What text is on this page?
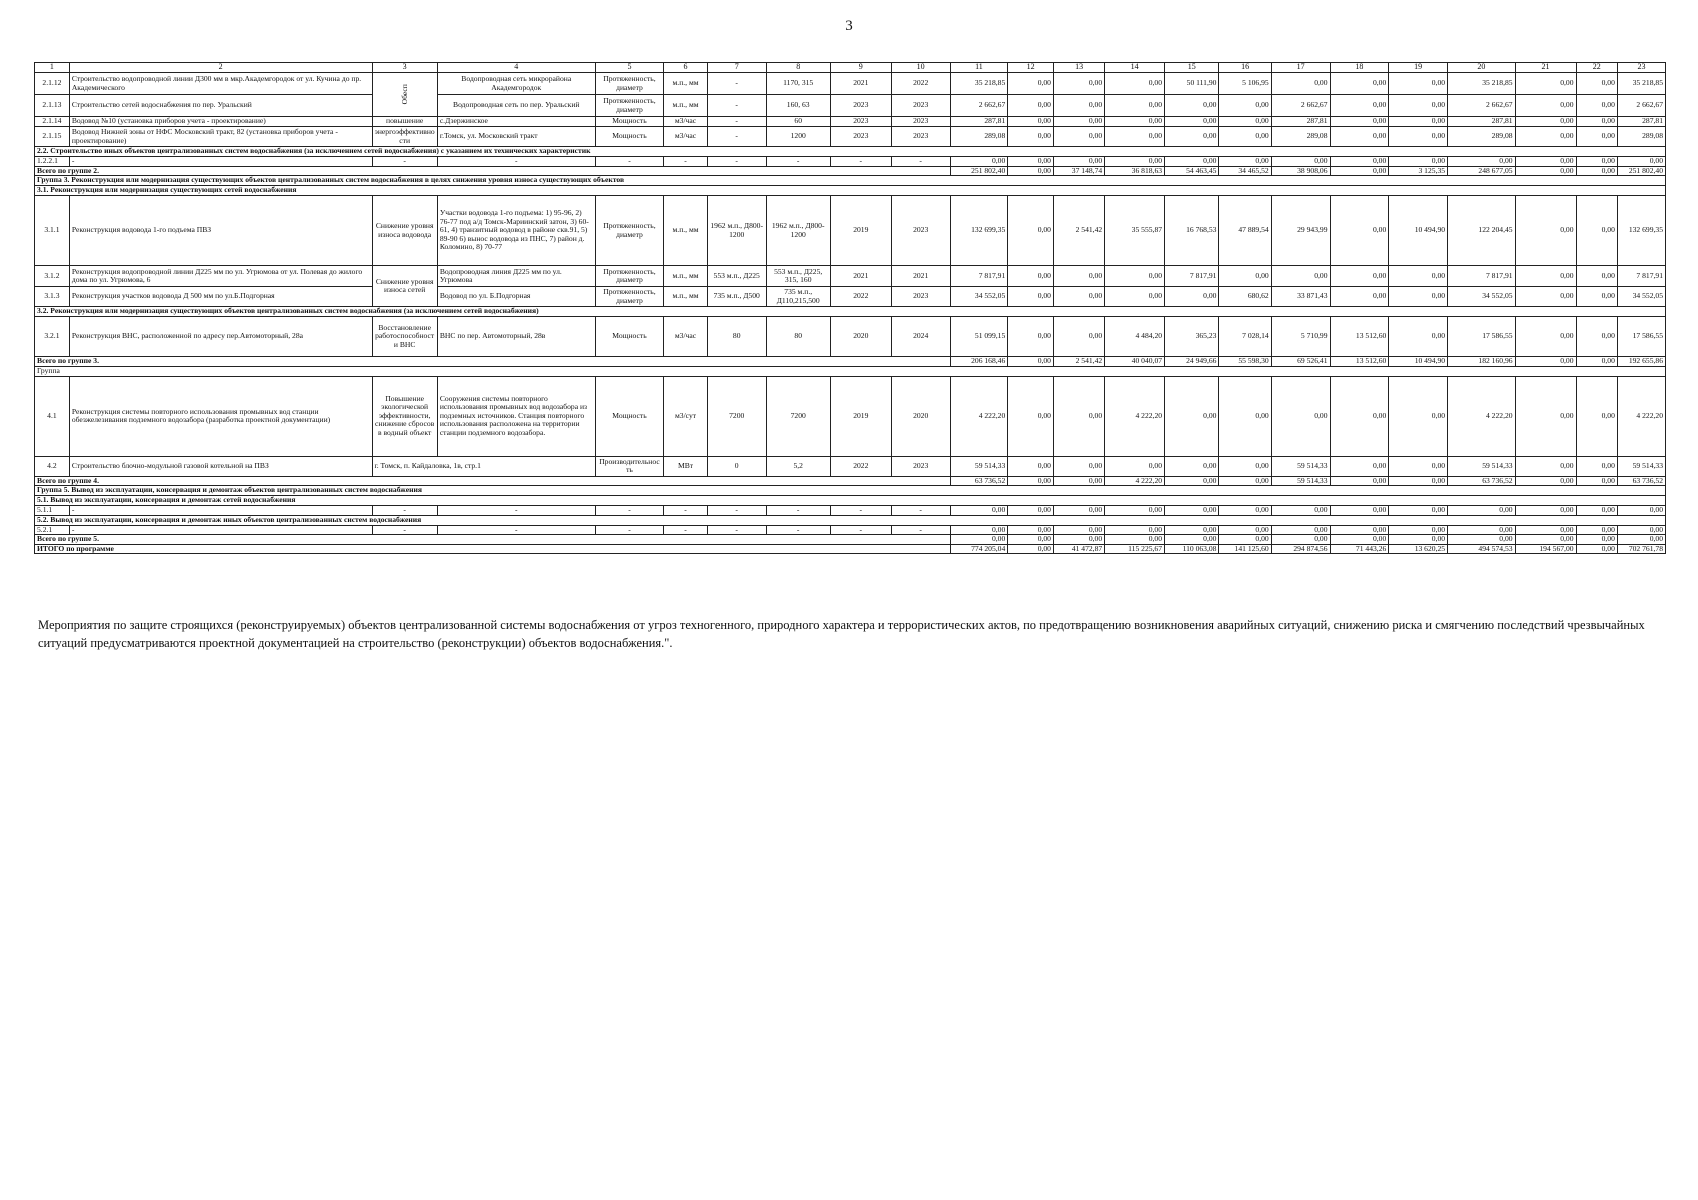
3
1	2	3	4	5	6	7	8	9	10	11	12	13	14	15	16	17	18	19	20	21	22	23
2.1.12	Строительство водопроводной линии Д300 мм в мкр.Академгородок от ул. Кучина до пр. Академического	Обесп	Водопроводная сеть микрорайона Академгородок	Протяженность, диаметр	м.п., мм	-	1170, 315	2021	2022	35 218,85	0,00	0,00	0,00	50 111,90	5 106,95	0,00	0,00	0,00	35 218,85	0,00	0,00	35 218,85
2.1.13	Строительство сетей водоснабжения по пер. Уральский		Водопроводная сеть по пер. Уральский	Протяженность, диаметр	м.п., мм	-	160, 63	2023	2023	2 662,67	0,00	0,00	0,00	0,00	0,00	2 662,67	0,00	0,00	2 662,67	0,00	0,00	2 662,67
2.1.14	Водовод №10 (установка приборов учета - проектирование)	повышение	с.Дзержинское	Мощность	м3/час	-	60	2023	2023	287,81	0,00	0,00	0,00	0,00	0,00	287,81	0,00	0,00	287,81	0,00	0,00	287,81
2.1.15	Водовод Нижней зоны от НФС Московский тракт, 82 (установка приборов учета - проектирование)	энергоэффективности	г.Томск, ул. Московский тракт	Мощность	м3/час	-	1200	2023	2023	289,08	0,00	0,00	0,00	0,00	0,00	289,08	0,00	0,00	289,08	0,00	0,00	289,08
2.2. Строительство иных объектов централизованных систем водоснабжения (за исключением сетей водоснабжения) с указанием их технических характеристик																						
1.2.2.1	-	-	-	-	-	-	-	-	-	0,00	0,00	0,00	0,00	0,00	0,00	0,00	0,00	0,00	0,00	0,00	0,00	0,00
Всего по группе 2.										251 802,40	0,00	37 148,74	36 818,63	54 463,45	34 465,52	38 908,06	0,00	3 125,35	248 677,05	0,00	0,00	251 802,40
Группа 3. Реконструкция или модернизация существующих объектов централизованных систем водоснабжения в целях снижения уровня износа существующих объектов																						
3.1. Реконструкция или модернизация существующих сетей водоснабжения																						
3.1.1	Реконструкция водовода 1-го подъема ПВЗ	Снижение уровня износа водовода	Участки водовода 1-го подъема: 1) 95-96, 2) 76-77 под а/д Томск-Мариинский затон, 3) 60-61, 4) транзитный водовод в районе скв.91, 5) 89-90 6) вынос водовода из ПНС, 7) район д. Коломино, 8) 70-77	Протяженность, диаметр	м.п., мм	1962 м.п., Д800-1200	1962 м.п., Д800-1200	2019	2023	132 699,35	0,00	2 541,42	35 555,87	16 768,53	47 889,54	29 943,99	0,00	10 494,90	122 204,45	0,00	0,00	132 699,35
3.1.2	Реконструкция водопроводной линии Д225 мм по ул. Угрюмова от ул. Полевая до жилого дома по ул. Угрюмова, 6	Снижение уровня износа сетей	Водопроводная линия Д225 мм по ул. Угрюмова	Протяженность, диаметр	м.п., мм	553 м.п., Д225	553 м.п., Д225, 315, 160	2021	2021	7 817,91	0,00	0,00	0,00	7 817,91	0,00	0,00	0,00	0,00	7 817,91	0,00	0,00	7 817,91
3.1.3	Реконструкция участков водовода Д 500 мм по ул.Б.Подгорная		Водовод по ул. Б.Подгорная	Протяженность, диаметр	м.п., мм	735 м.п., Д500	735 м.п., Д110,215,500	2022	2023	34 552,05	0,00	0,00	0,00	0,00	680,62	33 871,43	0,00	0,00	34 552,05	0,00	0,00	34 552,05
3.2. Реконструкция или модернизация существующих объектов централизованных систем водоснабжения (за исключением сетей водоснабжения)																						
3.2.1	Реконструкция ВНС, расположенной по адресу пер.Автомоторный, 28а	Восстановление работоспособности ВНС	ВНС по пер. Автомоторный, 28в	Мощность	м3/час	80	80	2020	2024	51 099,15	0,00	0,00	4 484,20	365,23	7 028,14	5 710,99	13 512,60	0,00	17 586,55	0,00	0,00	17 586,55
Всего по группе 3.										206 168,46	0,00	2 541,42	40 040,07	24 949,66	55 598,30	69 526,41	13 512,60	10 494,90	182 160,96	0,00	0,00	192 655,86
Группа																						
4.1	Реконструкция системы повторного использования промывных вод станции обезжелезивания подземного водозабора (разработка проектной документации)	Повышение экологической эффективности, снижение сбросов в водный объект	Сооружения системы повторного использования промывных вод водозабора из подземных источников. Станция повторного использования расположена на территории станции подземного водозабора.	Мощность	м3/сут	7200	7200	2019	2020	4 222,20	0,00	0,00	4 222,20	0,00	0,00	0,00	0,00	0,00	4 222,20	0,00	0,00	4 222,20
4.2	Строительство блочно-модульной газовой котельной на ПВЗ	г. Томск, п. Кайдаловка, 1в, стр.1		Производительность	МВт	0	5,2	2022	2023	59 514,33	0,00	0,00	0,00	0,00	0,00	59 514,33	0,00	0,00	59 514,33	0,00	0,00	59 514,33
Всего по группе 4.										63 736,52	0,00	0,00	4 222,20	0,00	0,00	59 514,33	0,00	0,00	63 736,52	0,00	0,00	63 736,52
Группа 5. Вывод из эксплуатации, консервация и демонтаж объектов централизованных систем водоснабжения																						
5.1. Вывод из эксплуатации, консервация и демонтаж сетей водоснабжения																						
5.1.1	-	-	-	-	-	-	-	-	-	0,00	0,00	0,00	0,00	0,00	0,00	0,00	0,00	0,00	0,00	0,00	0,00	0,00
5.2. Вывод из эксплуатации, консервация и демонтаж иных объектов централизованных систем водоснабжения																						
5.2.1	-	-	-	-	-	-	-	-	-	0,00	0,00	0,00	0,00	0,00	0,00	0,00	0,00	0,00	0,00	0,00	0,00	0,00
Всего по группе 5.										0,00	0,00	0,00	0,00	0,00	0,00	0,00	0,00	0,00	0,00	0,00	0,00	0,00
ИТОГО по программе										774 205,04	0,00	41 472,87	115 225,67	110 063,08	141 125,60	294 874,56	71 443,26	13 620,25	494 574,53	194 567,00	0,00	702 761,78
Мероприятия по защите строящихся (реконструируемых) объектов централизованной системы водоснабжения от угроз техногенного, природного характера и террористических актов, по предотвращению возникновения аварийных ситуаций, снижению риска и смягчению последствий чрезвычайных ситуаций предусматриваются проектной документацией на строительство (реконструкции) объектов водоснабжения.".
